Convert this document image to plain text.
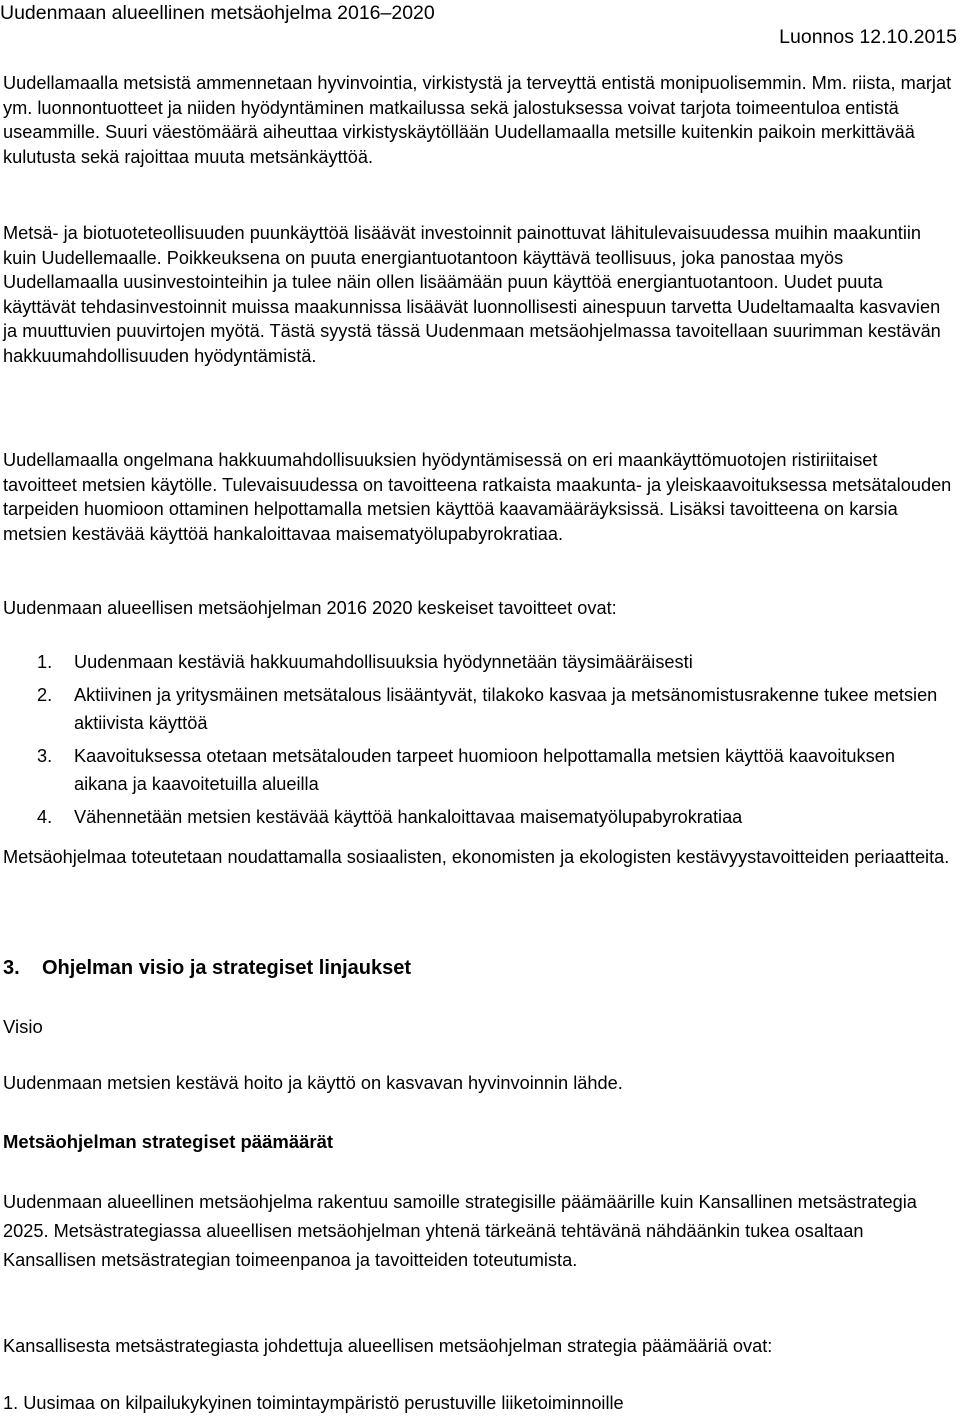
Uudenmaan alueellinen metsäohjelma 2016–2020
Luonnos 12.10.2015

Uudellamaalla metsistä ammennetaan hyvinvointia, virkistystä ja terveyttä entistä monipuolisemmin. Mm. riista, marjat ym. luonnontuotteet ja niiden hyödyntäminen matkailussa sekä jalostuksessa voivat tarjota toimeentuloa entistä useammille. Suuri väestömäärä aiheuttaa virkistyskäytöllään Uudellamaalla metsille kuitenkin paikoin merkittävää kulutusta sekä rajoittaa muuta metsänkäyttöä.

Metsä- ja biotuoteteollisuuden puunkäyttöä lisäävät investoinnit painottuvat lähitulevaisuudessa muihin maakuntiin kuin Uudellemaalle. Poikkeuksena on puuta energiantuotantoon käyttävä teollisuus, joka panostaa myös Uudellamaalla uusinvestointeihin ja tulee näin ollen lisäämään puun käyttöä energiantuotantoon. Uudet puuta käyttävät tehdasinvestoinnit muissa maakunnissa lisäävät luonnollisesti ainespuun tarvetta Uudeltamaalta kasvavien ja muuttuvien puuvirtojen myötä. Tästä syystä tässä Uudenmaan metsäohjelmassa tavoitellaan suurimman kestävän hakkuumahdollisuuden hyödyntämistä.

Uudellamaalla ongelmana hakkuumahdollisuuksien hyödyntämisessä on eri maankäyttömuotojen ristiriitaiset tavoitteet metsien käytölle. Tulevaisuudessa on tavoitteena ratkaista maakunta- ja yleiskaavoituksessa metsätalouden tarpeiden huomioon ottaminen helpottamalla metsien käyttöä kaavamääräyksissä. Lisäksi tavoitteena on karsia metsien kestävää käyttöä hankaloittavaa maisematyölupabyrokratiaa.

Uudenmaan alueellisen metsäohjelman 2016 2020 keskeiset tavoitteet ovat:

1. Uudenmaan kestäviä hakkuumahdollisuuksia hyödynnetään täysimääräisesti
2. Aktiivinen ja yritysmäinen metsätalous lisääntyvät, tilakoko kasvaa ja metsänomistusrakenne tukee metsien aktiivista käyttöä
3. Kaavoituksessa otetaan metsätalouden tarpeet huomioon helpottamalla metsien käyttöä kaavoituksen aikana ja kaavoitetuilla alueilla
4. Vähennetään metsien kestävää käyttöä hankaloittavaa maisematyölupabyrokratiaa

Metsäohjelmaa toteutetaan noudattamalla sosiaalisten, ekonomisten ja ekologisten kestävyystavoitteiden periaatteita.

3. Ohjelman visio ja strategiset linjaukset
Visio

Uudenmaan metsien kestävä hoito ja käyttö on kasvavan hyvinvoinnin lähde.

Metsäohjelman strategiset päämäärät

Uudenmaan alueellinen metsäohjelma rakentuu samoille strategisille päämäärille kuin Kansallinen metsästrategia 2025. Metsästrategiassa alueellisen metsäohjelman yhtenä tärkeänä tehtävänä nähdäänkin tukea osaltaan Kansallisen metsästrategian toimeenpanoa ja tavoitteiden toteutumista.

Kansallisesta metsästrategiasta johdettuja alueellisen metsäohjelman strategia päämääriä ovat:

1. Uusimaa on kilpailukykyinen toimintaympäristö perustuville liiketoiminnoille
